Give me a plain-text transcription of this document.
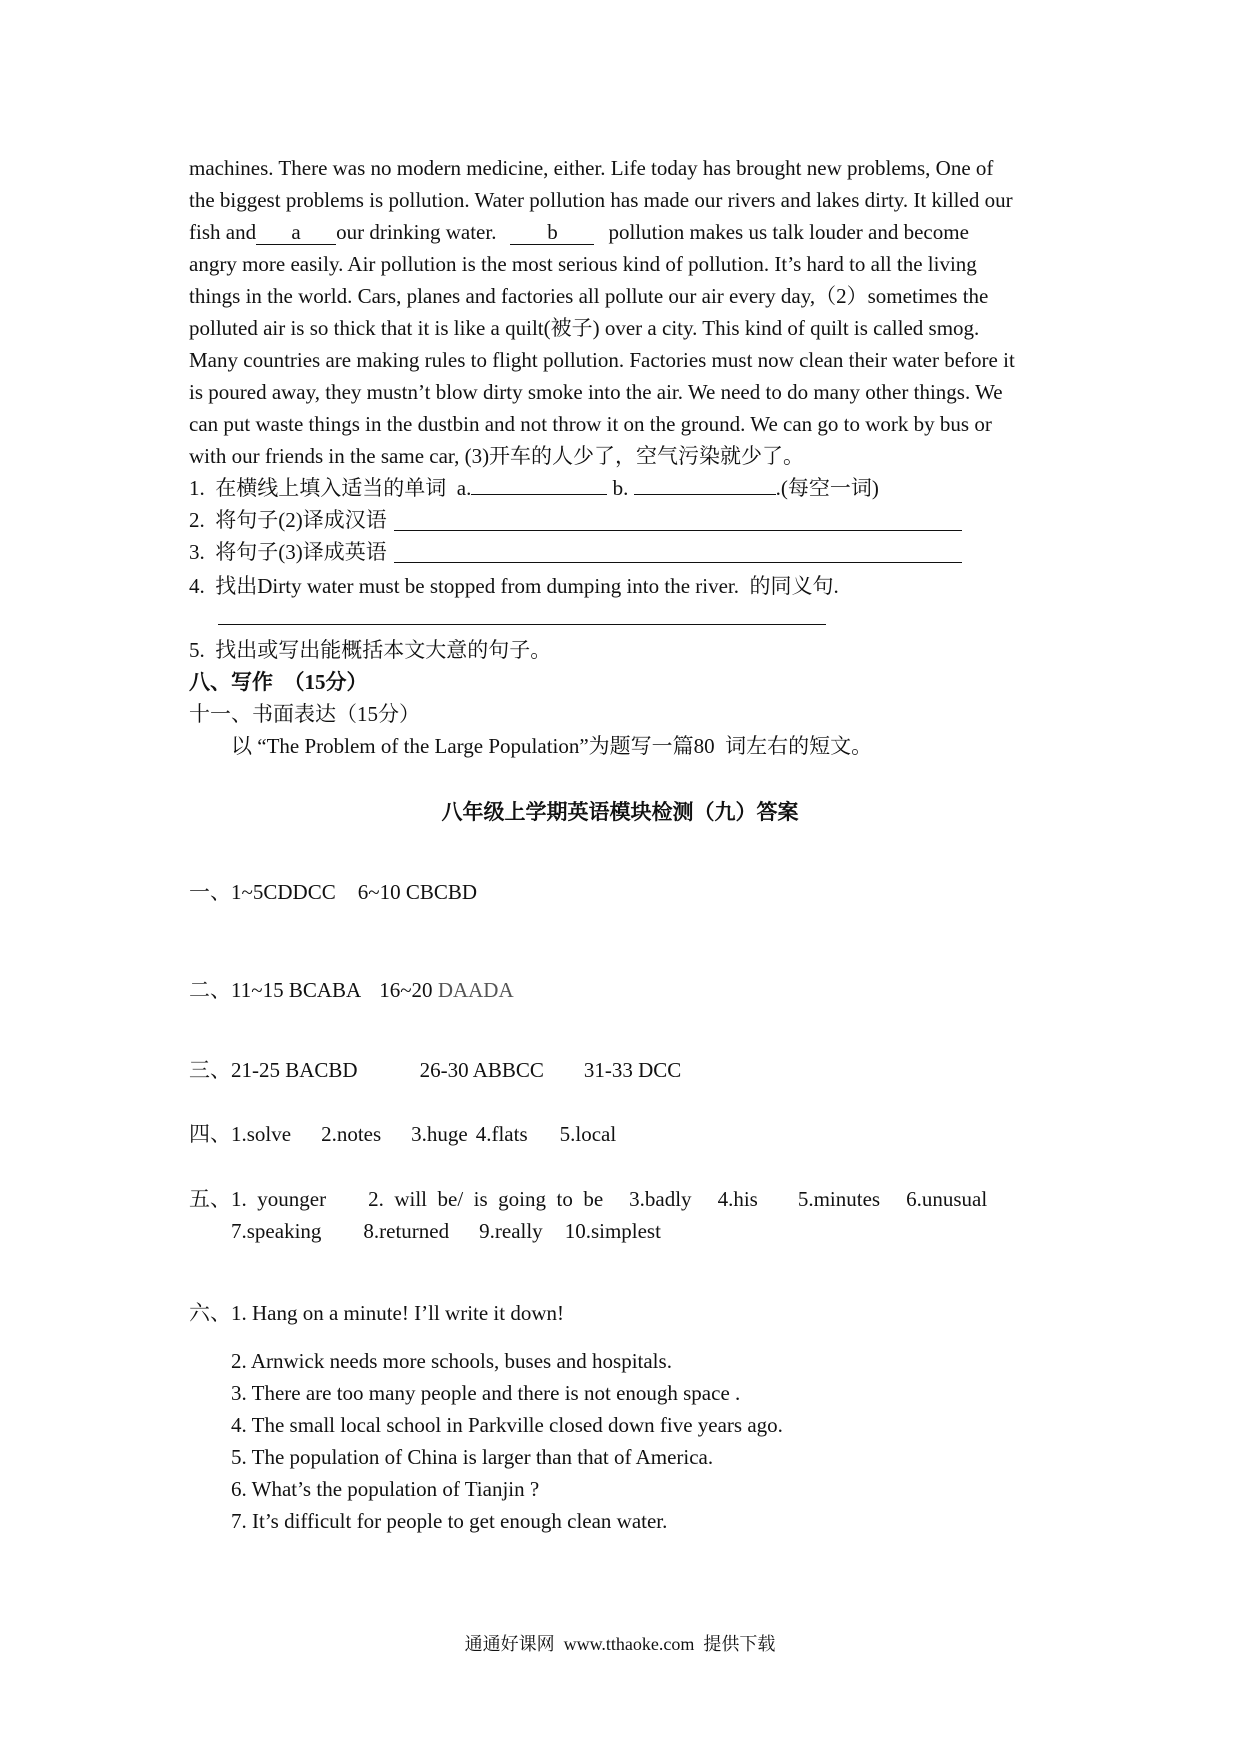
machines. There was no modern medicine, either. Life today has brought new problems, One of
the biggest problems is pollution. Water pollution has made our rivers and lakes dirty. It killed our
fish and a our drinking water. b pollution makes us talk louder and become
angry more easily. Air pollution is the most serious kind of pollution. It’s hard to all the living
things in the world. Cars, planes and factories all pollute our air every day,（2）sometimes the
polluted air is so thick that it is like a quilt(被子) over a city. This kind of quilt is called smog.
Many countries are making rules to flight pollution. Factories must now clean their water before it
is poured away, they mustn’t blow dirty smoke into the air. We need to do many other things. We
can put waste things in the dustbin and not throw it on the ground. We can go to work by bus or
with our friends in the same car, (3)开车的人少了，空气污染就少了。
1.  在横线上填入适当的单词  a.	b.	.(每空一词)
2.  将句子(2)译成汉语
3.  将句子(3)译成英语
4.  找出Dirty water must be stopped from dumping into the river.  的同义句.
5.  找出或写出能概括本文大意的句子。
八、写作  （15分）
十一、书面表达（15分）
以 “The Problem of the Large Population”为题写一篇80  词左右的短文。
八年级上学期英语模块检测（九）答案
一、1~5CDDCC 6~10 CBCBD
二、11~15 BCABA 16~20 DAADA
三、21-25 BACBD	26-30 ABBCC 31-33 DCC
四、1.solve 2.notes 3.huge 4.flats 5.local
五、1.  younger 2.  will  be/  is  going  to  be 3.badly 4.his 5.minutes 6.unusual
7.speaking 8.returned 9.really 10.simplest
六、1. Hang on a minute! I’ll write it down!
2. Arnwick needs more schools, buses and hospitals.
3. There are too many people and there is not enough space .
4. The small local school in Parkville closed down five years ago.
5. The population of China is larger than that of America.
6. What’s the population of Tianjin ?
7. It’s difficult for people to get enough clean water.
通通好课网  www.tthaoke.com  提供下载
